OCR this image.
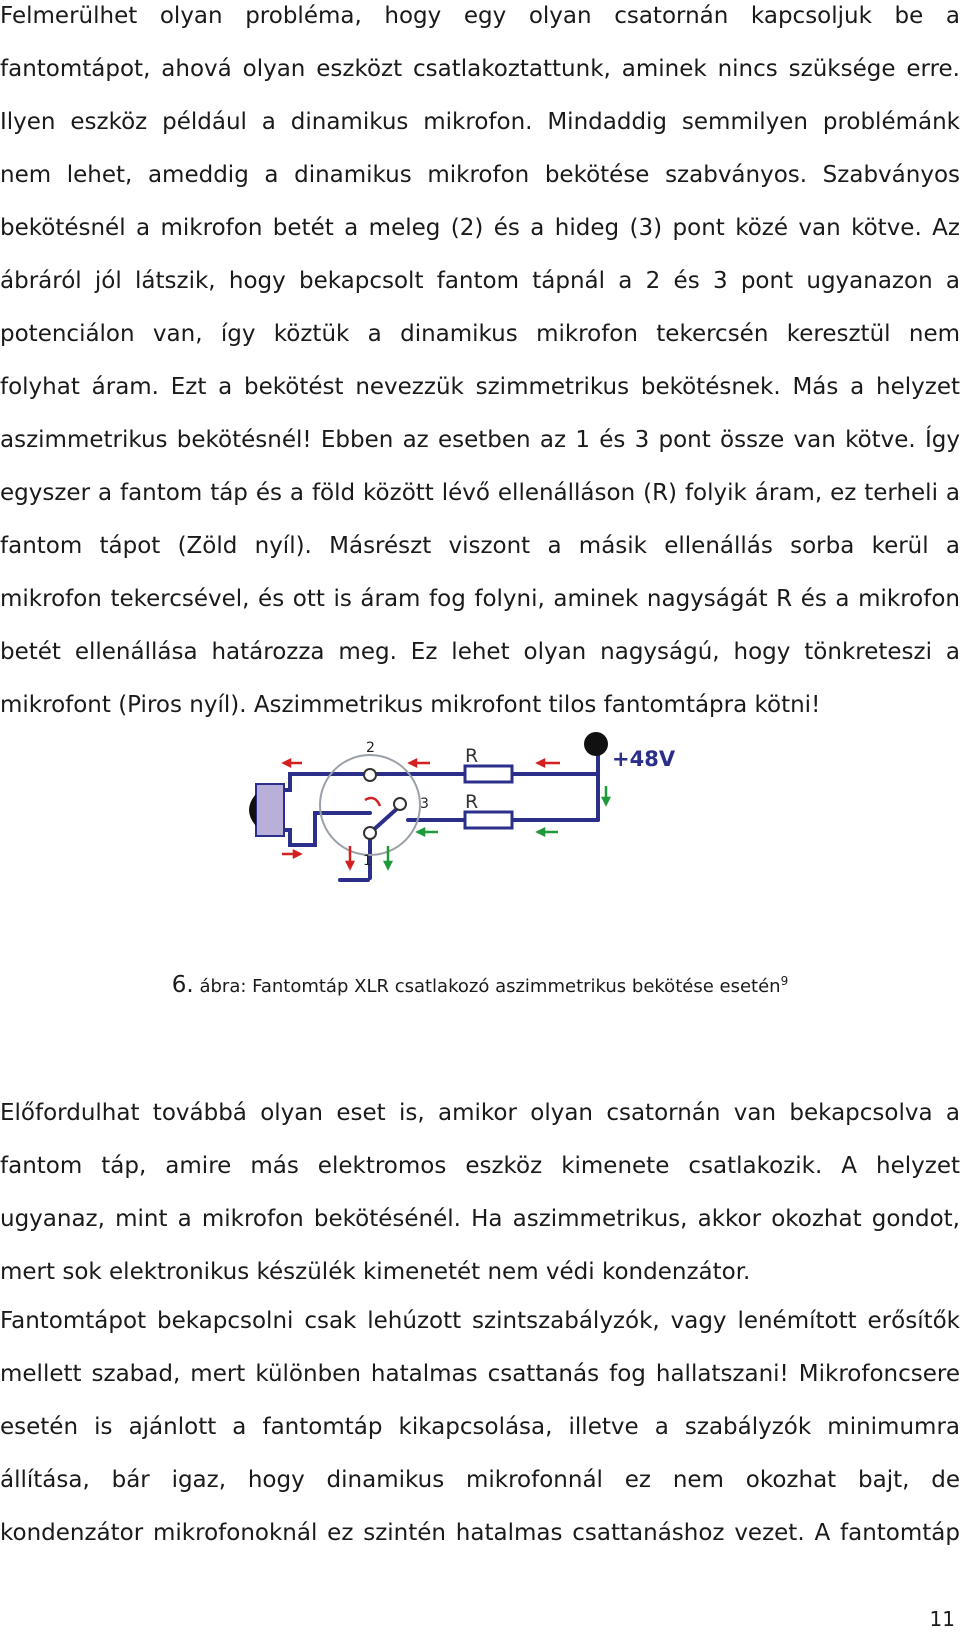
Felmerülhet olyan probléma, hogy egy olyan csatornán kapcsoljuk be a
fantomtápot, ahová olyan eszközt csatlakoztattunk, aminek nincs szüksége erre.
Ilyen eszköz például a dinamikus mikrofon. Mindaddig semmilyen problémánk
nem lehet, ameddig a dinamikus mikrofon bekötése szabványos. Szabványos
bekötésnél a mikrofon betét a meleg (2) és a hideg (3) pont közé van kötve. Az
ábráról jól látszik, hogy bekapcsolt fantom tápnál a 2 és 3 pont ugyanazon a
potenciálon van, így köztük a dinamikus mikrofon tekercsén keresztül nem
folyhat áram. Ezt a bekötést nevezzük szimmetrikus bekötésnek. Más a helyzet
aszimmetrikus bekötésnél! Ebben az esetben az 1 és 3 pont össze van kötve. Így
egyszer a fantom táp és a föld között lévő ellenálláson (R) folyik áram, ez terheli a
fantom tápot (Zöld nyíl). Másrészt viszont a másik ellenállás sorba kerül a
mikrofon tekercsével, és ott is áram fog folyni, aminek nagyságát R és a mikrofon
betét ellenállása határozza meg. Ez lehet olyan nagyságú, hogy tönkreteszi a
mikrofont (Piros nyíl). Aszimmetrikus mikrofont tilos fantomtápra kötni!
2
3
1
R
R
+48V
6. ábra: Fantomtáp XLR csatlakozó aszimmetrikus bekötése esetén$^9$
Előfordulhat továbbá olyan eset is, amikor olyan csatornán van bekapcsolva a
fantom táp, amire más elektromos eszköz kimenete csatlakozik. A helyzet
ugyanaz, mint a mikrofon bekötésénél. Ha aszimmetrikus, akkor okozhat gondot,
mert sok elektronikus készülék kimenetét nem védi kondenzátor.
Fantomtápot bekapcsolni csak lehúzott szintszabályzók, vagy lenémított erősítők
mellett szabad, mert különben hatalmas csattanás fog hallatszani! Mikrofoncsere
esetén is ajánlott a fantomtáp kikapcsolása, illetve a szabályzók minimumra
állítása, bár igaz, hogy dinamikus mikrofonnál ez nem okozhat bajt, de
kondenzátor mikrofonoknál ez szintén hatalmas csattanáshoz vezet. A fantomtáp
11
